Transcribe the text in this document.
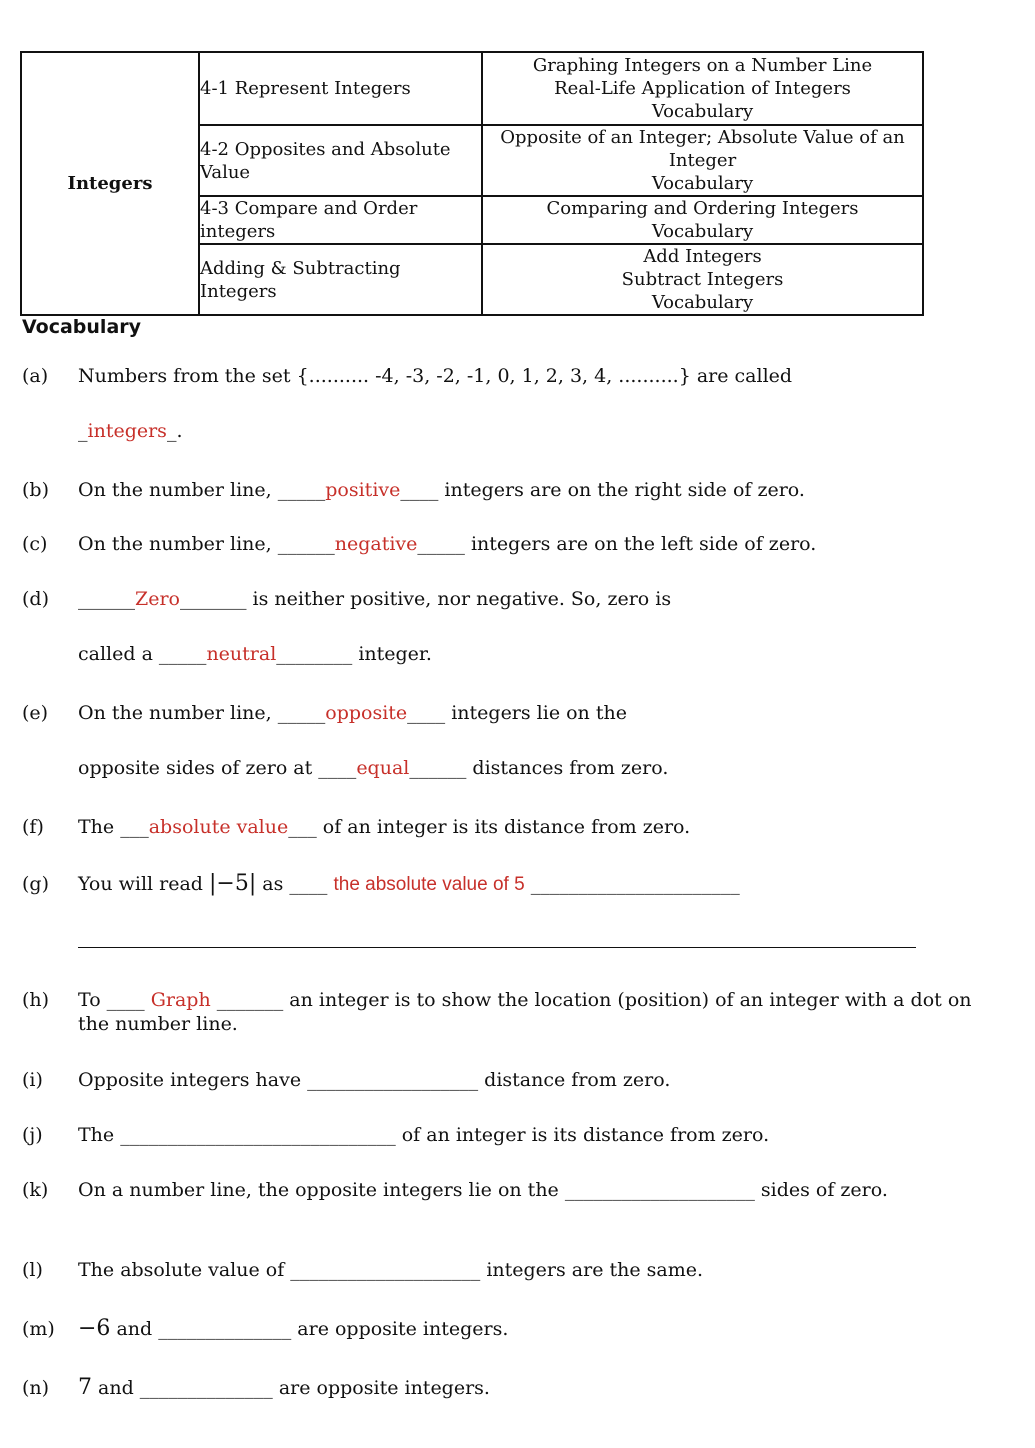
Integers	4-1 Represent Integers	Graphing Integers on a Number Line
Real-Life Application of Integers
Vocabulary

	4-2 Opposites and Absolute Value	Opposite of an Integer; Absolute Value of an Integer
Vocabulary

	4-3 Compare and Order integers	Comparing and Ordering Integers
Vocabulary

	Adding & Subtracting Integers	Add Integers
Subtract Integers
Vocabulary
Vocabulary
(a)	Numbers from the set {.......... -4, -3, -2, -1, 0, 1, 2, 3, 4, ..........} are called
_integers_.
(b)	On the number line, _____positive____ integers are on the right side of zero.
(c)	On the number line, ______negative_____ integers are on the left side of zero.
(d)	______Zero_______ is neither positive, nor negative. So, zero is
called a _____neutral________ integer.
(e)	On the number line, _____opposite____ integers lie on the
opposite sides of zero at ____equal______ distances from zero.
(f)	The ___absolute value___ of an integer is its distance from zero.
(g)	You will read |−5| as ____ the absolute value of 5 ______________________
(h)	To ____ Graph _______ an integer is to show the location (position) of an integer with a dot on the number line.
(i)	Opposite integers have __________________ distance from zero.
(j)	The _____________________________ of an integer is its distance from zero.
(k)	On a number line, the opposite integers lie on the ____________________ sides of zero.
(l)	The absolute value of ____________________ integers are the same.
(m)	−6 and ______________ are opposite integers.
(n)	7 and ______________ are opposite integers.
